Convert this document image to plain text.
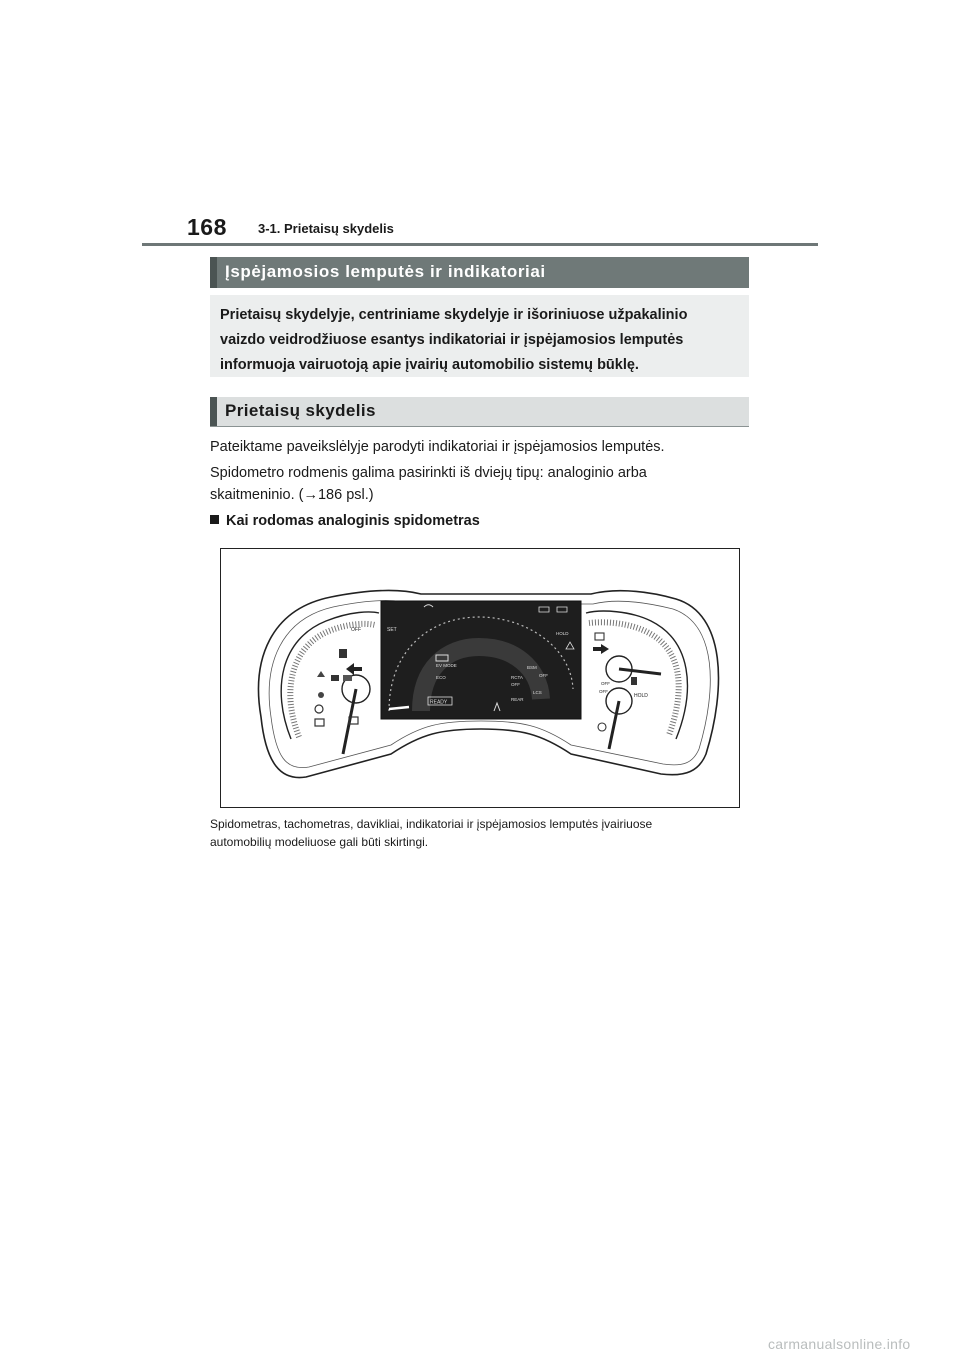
168 3-1. Prietaisų skydelis
Įspėjamosios lemputės ir indikatoriai
Prietaisų skydelyje, centriniame skydelyje ir išoriniuose užpakalinio
vaizdo veidrodžiuose esantys indikatoriai ir įspėjamosios lemputės
informuoja vairuotoją apie įvairių automobilio sistemų būklę.
Prietaisų skydelis
Pateiktame paveikslėlyje parodyti indikatoriai ir įspėjamosios lemputės.
Spidometro rodmenis galima pasirinkti iš dviejų tipų: analoginio arba
skaitmeninio. (→186 psl.)
Kai rodomas analoginis spidometras
OFF	SET
EV MODE
ECO
READY
RCTA
OFF
OFF
BSM
REAR
LCS
HOLD
HOLD
OFF
OFF
Spidometras, tachometras, davikliai, indikatoriai ir įspėjamosios lemputės įvairiuose
automobilių modeliuose gali būti skirtingi.
carmanualsonline.info
